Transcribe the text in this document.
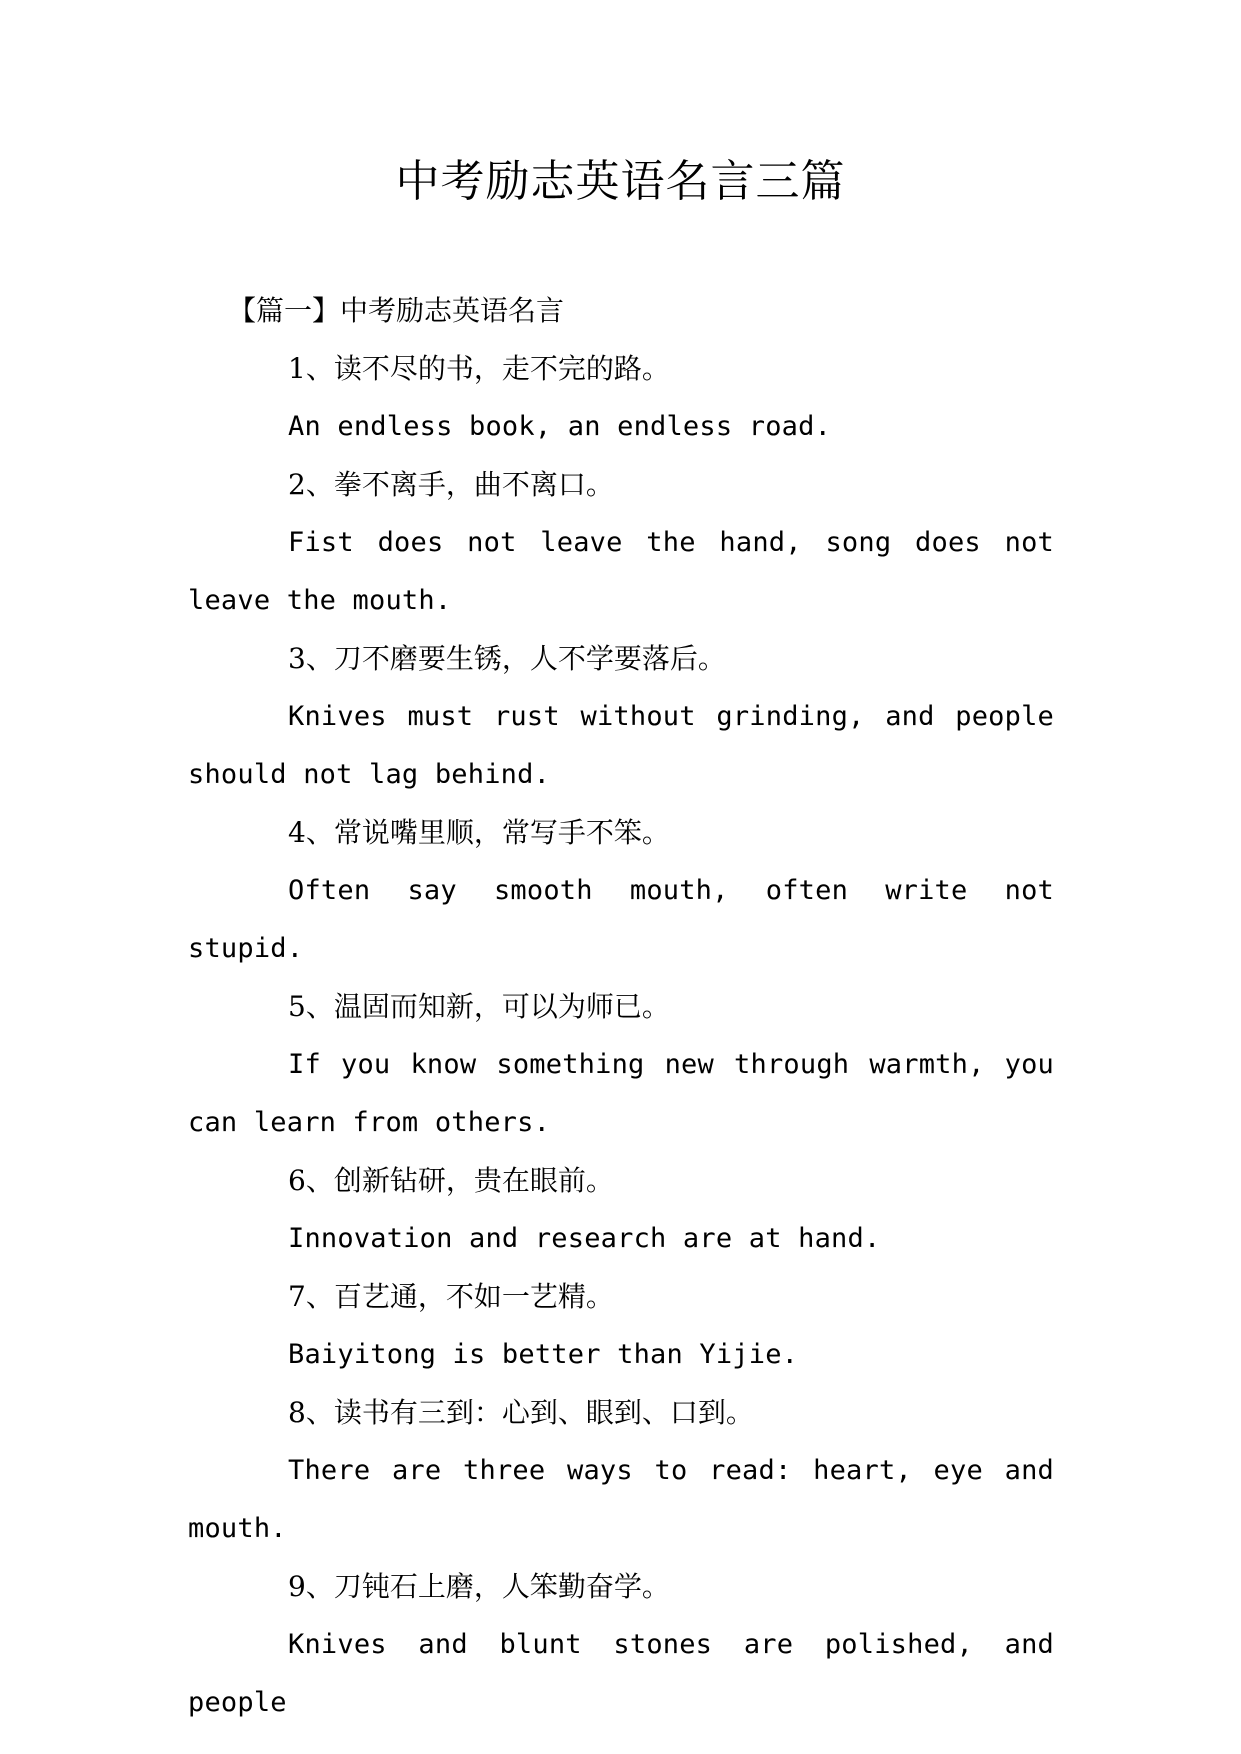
中考励志英语名言三篇
【篇一】中考励志英语名言

1、读不尽的书，走不完的路。

An endless book, an endless road.

2、拳不离手，曲不离口。

Fist does not leave the hand, song does not leave the mouth.

3、刀不磨要生锈，人不学要落后。

Knives must rust without grinding, and people should not lag behind.

4、常说嘴里顺，常写手不笨。

Often say smooth mouth, often write not stupid.

5、温固而知新，可以为师已。

If you know something new through warmth, you can learn from others.

6、创新钻研，贵在眼前。

Innovation and research are at hand.

7、百艺通，不如一艺精。

Baiyitong is better than Yijie.

8、读书有三到：心到、眼到、口到。

There are three ways to read: heart, eye and mouth.

9、刀钝石上磨，人笨勤奋学。

Knives and blunt stones are polished, and people
